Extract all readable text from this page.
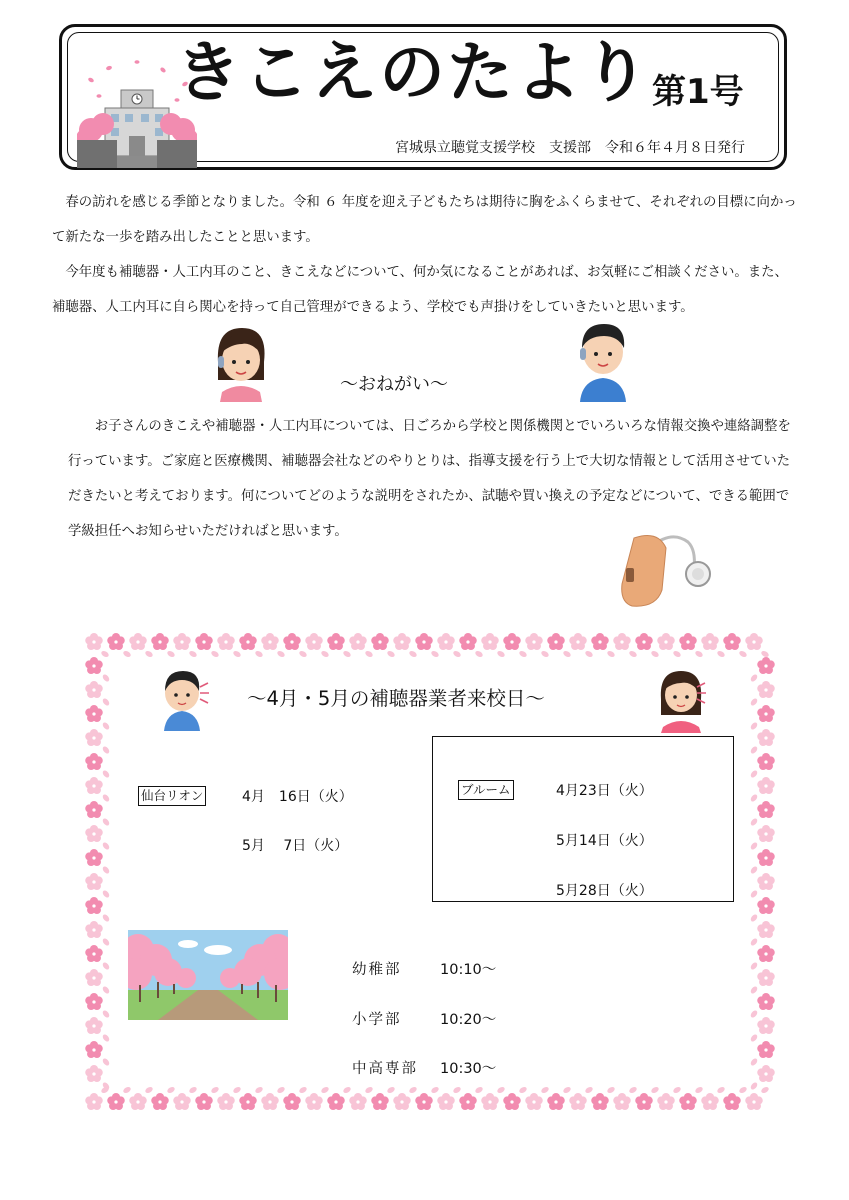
きこえのたより 第1号
宮城県立聴覚支援学校　支援部　令和６年４月８日発行

春の訪れを感じる季節となりました。令和 ６ 年度を迎え子どもたちは期待に胸をふくらませて、それぞれの目標に向かって新たな一歩を踏み出したことと思います。

今年度も補聴器・人工内耳のこと、きこえなどについて、何か気になることがあれば、お気軽にご相談ください。また、補聴器、人工内耳に自ら関心を持って自己管理ができるよう、学校でも声掛けをしていきたいと思います。

～おねがい～

お子さんのきこえや補聴器・人工内耳については、日ごろから学校と関係機関とでいろいろな情報交換や連絡調整を行っています。ご家庭と医療機関、補聴器会社などのやりとりは、指導支援を行う上で大切な情報として活用させていただきたいと考えております。何についてどのような説明をされたか、試聴や買い換えの予定などについて、できる範囲で学級担任へお知らせいただければと思います。

～4月・5月の補聴器業者来校日～
仙台リオン	4月　16日（火）
5月　 7日（火）
ブルーム	4月23日（火）
5月14日（火）
5月28日（火）
幼稚部	10:10～
小学部	10:20～
中高専部 10:30～
